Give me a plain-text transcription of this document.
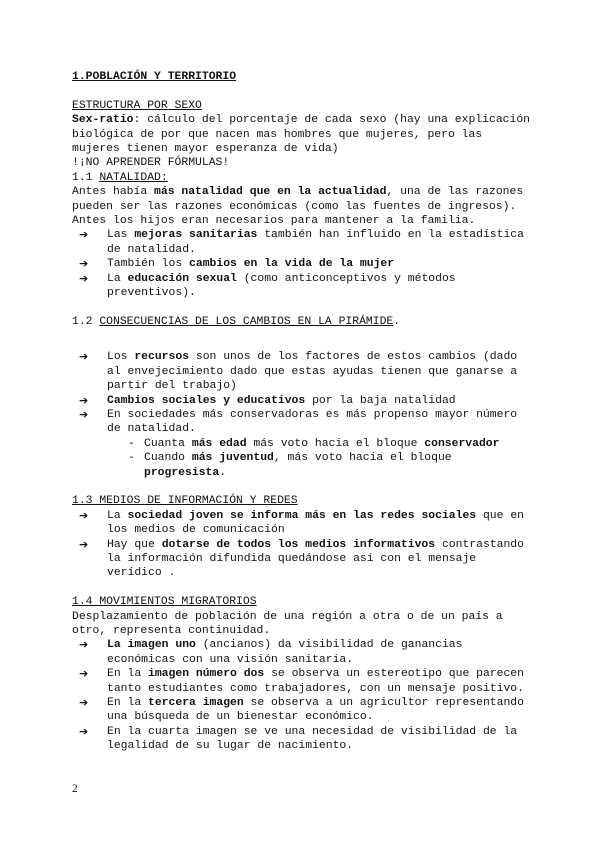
1.POBLACIÓN Y TERRITORIO

ESTRUCTURA POR SEXO

Sex-ratio: cálculo del porcentaje de cada sexo (hay una explicación biológica de por que nacen mas hombres que mujeres, pero las mujeres tienen mayor esperanza de vida)

!¡NO APRENDER FÓRMULAS!

1.1 NATALIDAD:

Antes había más natalidad que en la actualidad, una de las razones pueden ser las razones económicas (como las fuentes de ingresos). Antes los hijos eran necesarios para mantener a la familia.

➔	Las mejoras sanitarias también han influido en la estadística de natalidad.
➔	También los cambios en la vida de la mujer
➔	La educación sexual (como anticonceptivos y métodos preventivos).

1.2 CONSECUENCIAS DE LOS CAMBIOS EN LA PIRÁMIDE.

➔	Los recursos son unos de los factores de estos cambios (dado al envejecimiento dado que estas ayudas tienen que ganarse a partir del trabajo)
➔	Cambios sociales y educativos por la baja natalidad
➔	En sociedades más conservadoras es más propenso mayor número de natalidad.
- Cuanta más edad más voto hacia el bloque conservador
- Cuando más juventud, más voto hacia el bloque progresista.

1.3 MEDIOS DE INFORMACIÓN Y REDES

➔	La sociedad joven se informa más en las redes sociales que en los medios de comunicación
➔	Hay que dotarse de todos los medios informativos contrastando la información difundida quedándose así con el mensaje verídico .

1.4 MOVIMIENTOS MIGRATORIOS

Desplazamiento de población de una región a otra o de un país a otro, representa continuidad.

➔	La imagen uno (ancianos) da visibilidad de ganancias económicas con una visión sanitaria.
➔	En la imagen número dos se observa un estereotipo que parecen tanto estudiantes como trabajadores, con un mensaje positivo.
➔	En la tercera imagen se observa a un agricultor representando una búsqueda de un bienestar económico.
➔	En la cuarta imagen se ve una necesidad de visibilidad de la legalidad de su lugar de nacimiento.
2
